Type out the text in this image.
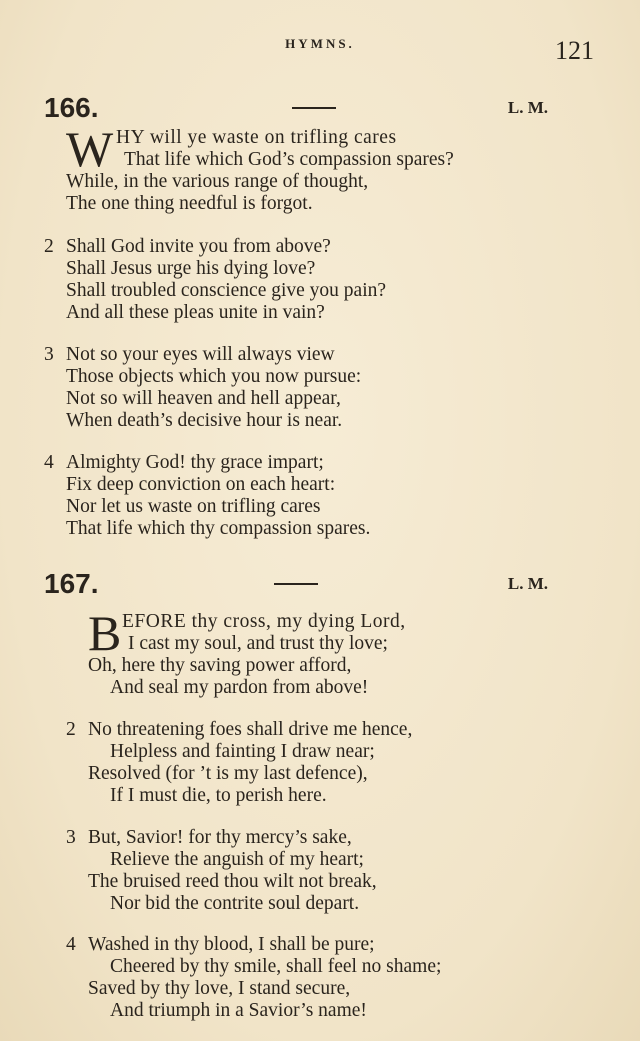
HYMNS.	121
166.	L. M.
W HY will ye waste on trifling cares
That life which God’s compassion spares?
While, in the various range of thought,
The one thing needful is forgot.
2 Shall God invite you from above?
Shall Jesus urge his dying love?
Shall troubled conscience give you pain?
And all these pleas unite in vain?
3 Not so your eyes will always view
Those objects which you now pursue:
Not so will heaven and hell appear,
When death’s decisive hour is near.
4 Almighty God! thy grace impart;
Fix deep conviction on each heart:
Nor let us waste on trifling cares
That life which thy compassion spares.
167.	L. M.
B EFORE thy cross, my dying Lord,
I cast my soul, and trust thy love;
Oh, here thy saving power afford,
And seal my pardon from above!
2 No threatening foes shall drive me hence,
Helpless and fainting I draw near;
Resolved (for ’t is my last defence),
If I must die, to perish here.
3 But, Savior! for thy mercy’s sake,
Relieve the anguish of my heart;
The bruised reed thou wilt not break,
Nor bid the contrite soul depart.
4 Washed in thy blood, I shall be pure;
Cheered by thy smile, shall feel no shame;
Saved by thy love, I stand secure,
And triumph in a Savior’s name!
